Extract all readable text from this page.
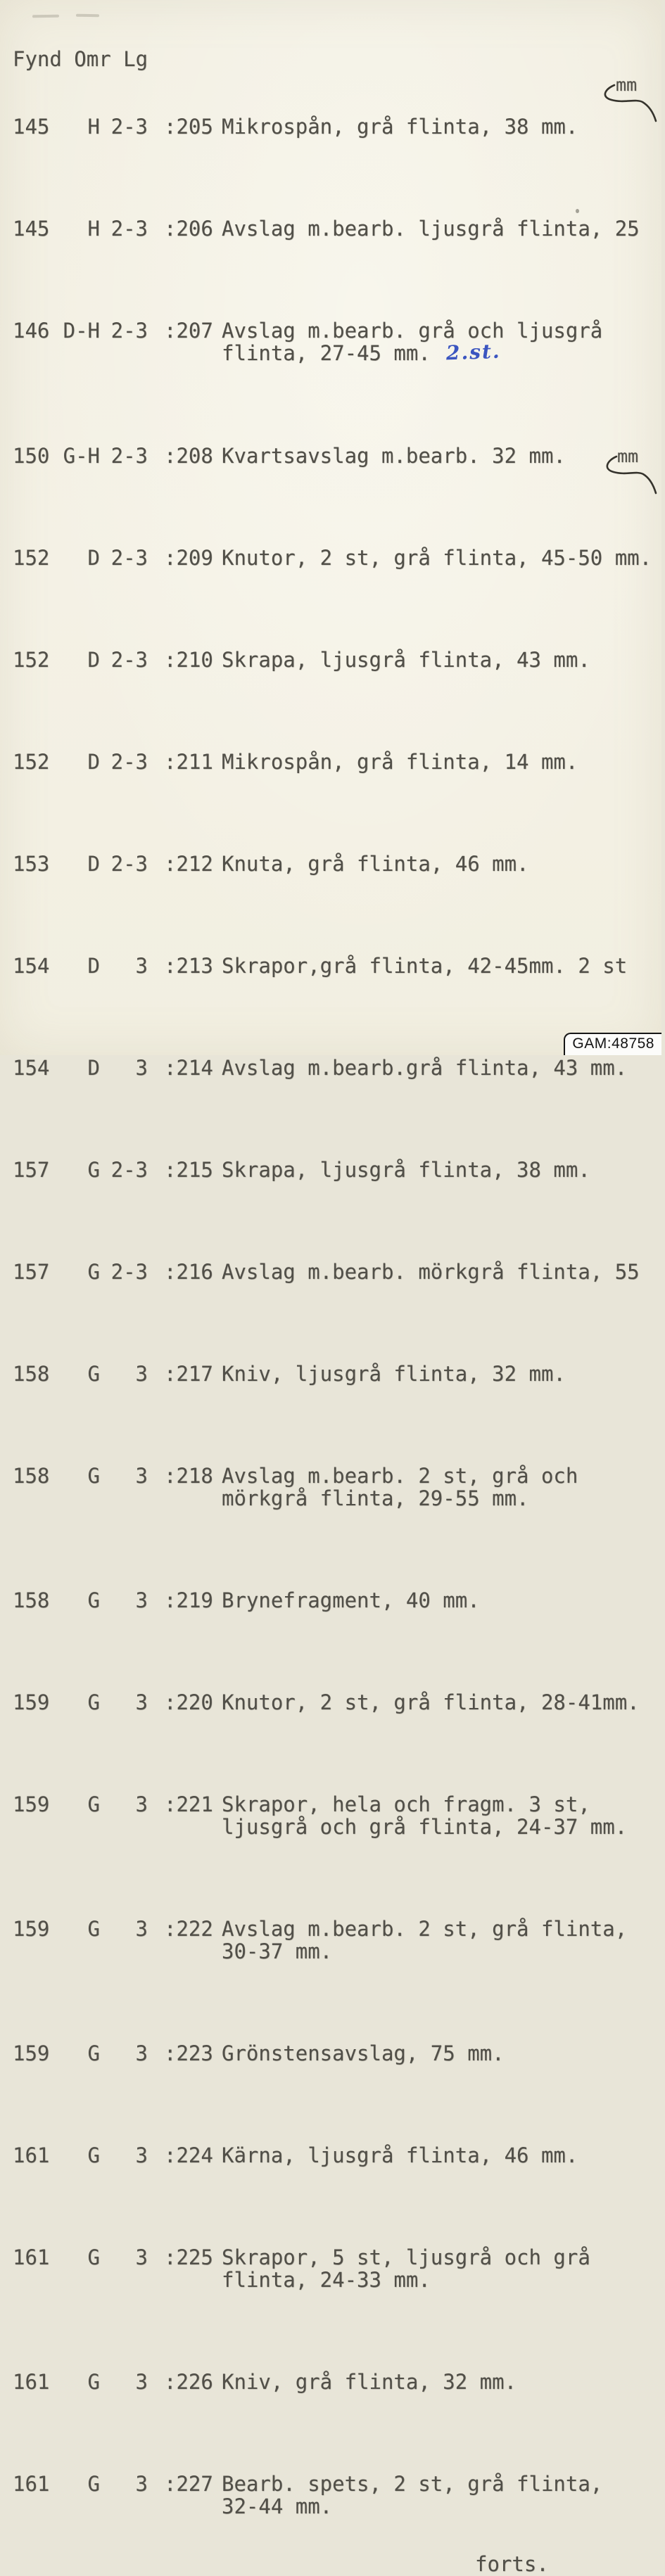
Fynd Omr Lg

145	H 2-3 :205 Mikrospån, grå flinta, 38 mm.

145	H 2-3 :206 Avslag m.bearb. ljusgrå flinta, 25

146 D-H 2-3 :207 Avslag m.bearb. grå och ljusgrå
flinta, 27-45 mm. 2.st.

150 G-H 2-3 :208 Kvartsavslag m.bearb. 32 mm.

152	D 2-3 :209 Knutor, 2 st, grå flinta, 45-50 mm.

152	D 2-3 :210 Skrapa, ljusgrå flinta, 43 mm.

152	D 2-3 :211 Mikrospån, grå flinta, 14 mm.

153	D 2-3 :212 Knuta, grå flinta, 46 mm.

154	D	3 :213 Skrapor,grå flinta, 42-45mm. 2 st

154	D	3 :214 Avslag m.bearb.grå flinta, 43 mm.

157	G 2-3 :215 Skrapa, ljusgrå flinta, 38 mm.

157	G 2-3 :216 Avslag m.bearb. mörkgrå flinta, 55

158	G	3 :217 Kniv, ljusgrå flinta, 32 mm.

158	G	3 :218 Avslag m.bearb. 2 st, grå och
mörkgrå flinta, 29-55 mm.

158	G	3 :219 Brynefragment, 40 mm.

159	G	3 :220 Knutor, 2 st, grå flinta, 28-41mm.

159	G	3 :221 Skrapor, hela och fragm. 3 st,
ljusgrå och grå flinta, 24-37 mm.

159	G	3 :222 Avslag m.bearb. 2 st, grå flinta,
30-37 mm.

159	G	3 :223 Grönstensavslag, 75 mm.

161	G	3 :224 Kärna, ljusgrå flinta, 46 mm.

161	G	3 :225 Skrapor, 5 st, ljusgrå och grå
flinta, 24-33 mm.

161	G	3 :226 Kniv, grå flinta, 32 mm.

161	G	3 :227 Bearb. spets, 2 st, grå flinta,
32-44 mm.

forts.
mm
mm
GAM:48758
